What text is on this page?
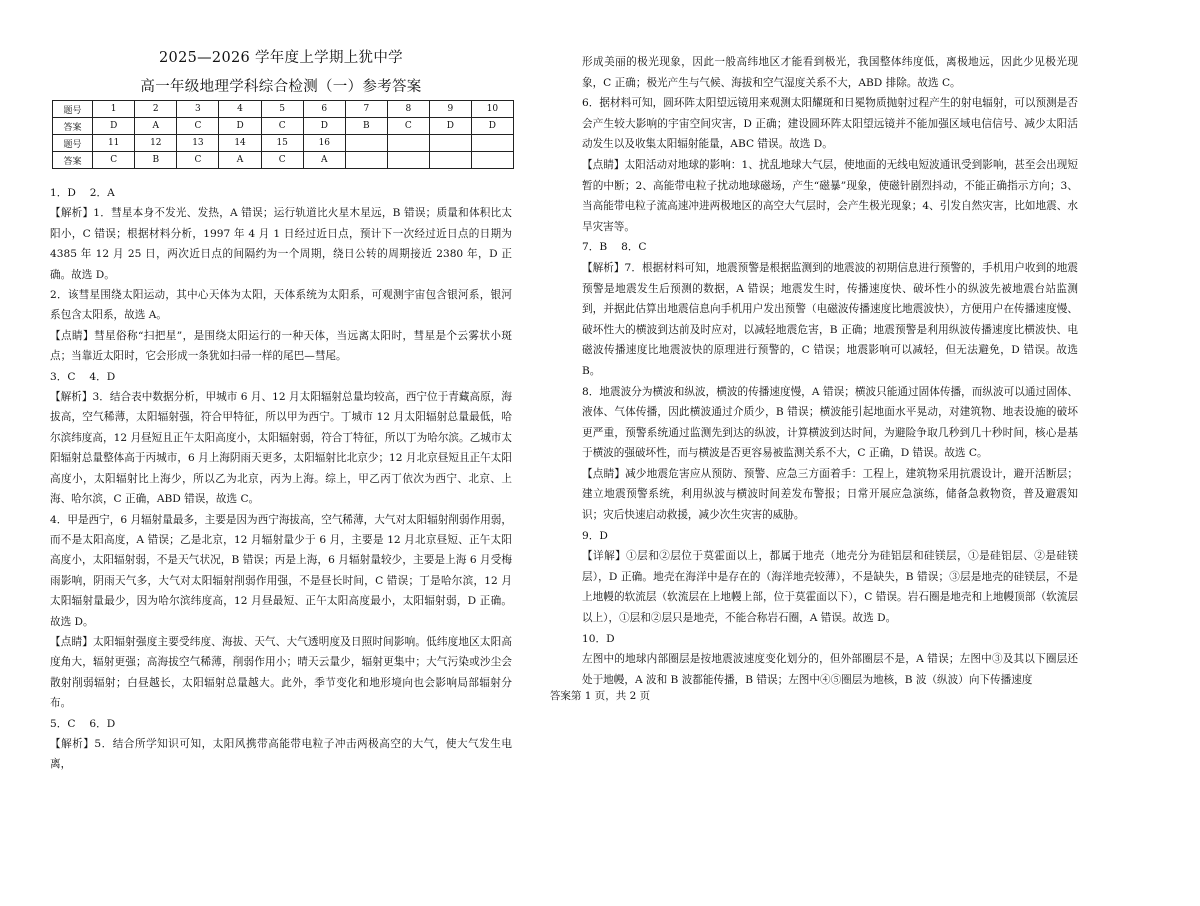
2025—2026 学年度上学期上犹中学
高一年级地理学科综合检测（一）参考答案
题号	1	2	3	4	5	6	7	8	9	10
答案	D	A	C	D	C	D	B	C	D	D
题号	11	12	13	14	15	16				
答案	C	B	C	A	C	A				

1．D　 2．A

【解析】1．彗星本身不发光、发热，A 错误；运行轨道比火星木星远，B 错误；质量和体积比太阳小，C 错误；根据材料分析，1997 年 4 月 1 日经过近日点，预计下一次经过近日点的日期为 4385 年 12 月 25 日，两次近日点的间隔约为一个周期，绕日公转的周期接近 2380 年，D 正确。故选 D。

2．该彗星围绕太阳运动，其中心天体为太阳，天体系统为太阳系，可观测宇宙包含银河系，银河系包含太阳系，故选 A。

【点睛】彗星俗称“扫把星”，是围绕太阳运行的一种天体，当远离太阳时，彗星是个云雾状小斑点；当靠近太阳时，它会形成一条犹如扫帚一样的尾巴—彗尾。

3．C　 4．D

【解析】3．结合表中数据分析，甲城市 6 月、12 月太阳辐射总量均较高，西宁位于青藏高原，海拔高，空气稀薄，太阳辐射强，符合甲特征，所以甲为西宁。丁城市 12 月太阳辐射总量最低，哈尔滨纬度高，12 月昼短且正午太阳高度小，太阳辐射弱，符合丁特征，所以丁为哈尔滨。乙城市太阳辐射总量整体高于丙城市，6 月上海阴雨天更多，太阳辐射比北京少；12 月北京昼短且正午太阳高度小，太阳辐射比上海少，所以乙为北京，丙为上海。综上，甲乙丙丁依次为西宁、北京、上海、哈尔滨，C 正确，ABD 错误，故选 C。

4．甲是西宁，6 月辐射量最多，主要是因为西宁海拔高，空气稀薄，大气对太阳辐射削弱作用弱，而不是太阳高度，A 错误；乙是北京，12 月辐射量少于 6 月，主要是 12 月北京昼短、正午太阳高度小，太阳辐射弱，不是天气状况，B 错误；丙是上海，6 月辐射量较少，主要是上海 6 月受梅雨影响，阴雨天气多，大气对太阳辐射削弱作用强，不是昼长时间，C 错误；丁是哈尔滨，12 月太阳辐射量最少，因为哈尔滨纬度高，12 月昼最短、正午太阳高度最小，太阳辐射弱，D 正确。故选 D。

【点睛】太阳辐射强度主要受纬度、海拔、天气、大气透明度及日照时间影响。低纬度地区太阳高度角大，辐射更强；高海拔空气稀薄，削弱作用小；晴天云量少，辐射更集中；大气污染或沙尘会散射削弱辐射；白昼越长，太阳辐射总量越大。此外，季节变化和地形境向也会影响局部辐射分布。

5．C　 6．D

【解析】5．结合所学知识可知，太阳风携带高能带电粒子冲击两极高空的大气，使大气发生电离，

形成美丽的极光现象，因此一般高纬地区才能看到极光，我国整体纬度低，离极地远，因此少见极光现象，C 正确；极光产生与气候、海拔和空气湿度关系不大，ABD 排除。故选 C。

6．据材料可知，圆环阵太阳望远镜用来观测太阳耀斑和日冕物质抛射过程产生的射电辐射，可以预测是否会产生较大影响的宇宙空间灾害，D 正确；建设圆环阵太阳望远镜并不能加强区域电信信号、减少太阳活动发生以及收集太阳辐射能量，ABC 错误。故选 D。

【点睛】太阳活动对地球的影响：1、扰乱地球大气层，使地面的无线电短波通讯受到影响，甚至会出现短暂的中断；2、高能带电粒子扰动地球磁场，产生“磁暴”现象，使磁针剧烈抖动，不能正确指示方向；3、当高能带电粒子流高速冲进两极地区的高空大气层时，会产生极光现象；4、引发自然灾害，比如地震、水旱灾害等。

7．B　 8．C

【解析】7．根据材料可知，地震预警是根据监测到的地震波的初期信息进行预警的，手机用户收到的地震预警是地震发生后预测的数据，A 错误；地震发生时，传播速度快、破坏性小的纵波先被地震台站监测到，并据此估算出地震信息向手机用户发出预警（电磁波传播速度比地震波快），方便用户在传播速度慢、破坏性大的横波到达前及时应对，以减轻地震危害，B 正确；地震预警是利用纵波传播速度比横波快、电磁波传播速度比地震波快的原理进行预警的，C 错误；地震影响可以减轻，但无法避免，D 错误。故选 B。

8．地震波分为横波和纵波，横波的传播速度慢，A 错误；横波只能通过固体传播，而纵波可以通过固体、液体、气体传播，因此横波通过介质少，B 错误；横波能引起地面水平晃动，对建筑物、地表设施的破坏更严重，预警系统通过监测先到达的纵波，计算横波到达时间，为避险争取几秒到几十秒时间，核心是基于横波的强破坏性，而与横波是否更容易被监测关系不大，C 正确，D 错误。故选 C。

【点睛】减少地震危害应从预防、预警、应急三方面着手：工程上，建筑物采用抗震设计，避开活断层；建立地震预警系统，利用纵波与横波时间差发布警报；日常开展应急演练，储备急救物资，普及避震知识；灾后快速启动救援，减少次生灾害的威胁。

9．D

【详解】①层和②层位于莫霍面以上，都属于地壳（地壳分为硅铝层和硅镁层，①是硅铝层、②是硅镁层），D 正确。地壳在海洋中是存在的（海洋地壳较薄），不是缺失，B 错误；③层是地壳的硅镁层，不是上地幔的软流层（软流层在上地幔上部，位于莫霍面以下），C 错误。岩石圈是地壳和上地幔顶部（软流层以上），①层和②层只是地壳，不能合称岩石圈，A 错误。故选 D。

10．D

左图中的地球内部圈层是按地震波速度变化划分的，但外部圈层不是，A 错误；左图中③及其以下圈层还处于地幔，A 波和 B 波都能传播，B 错误；左图中④⑤圈层为地核，B 波（纵波）向下传播速度

答案第 1 页，共 2 页
